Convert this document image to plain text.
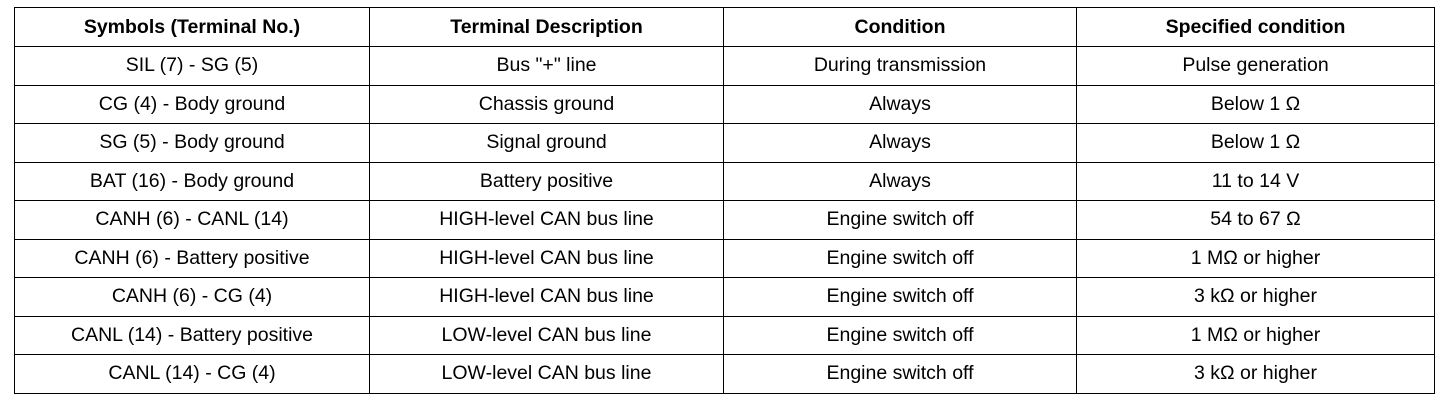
Symbols (Terminal No.)	Terminal Description	Condition	Specified condition
SIL (7) - SG (5)	Bus "+" line	During transmission	Pulse generation
CG (4) - Body ground	Chassis ground	Always	Below 1 Ω
SG (5) - Body ground	Signal ground	Always	Below 1 Ω
BAT (16) - Body ground	Battery positive	Always	11 to 14 V
CANH (6) - CANL (14)	HIGH-level CAN bus line	Engine switch off	54 to 67 Ω
CANH (6) - Battery positive	HIGH-level CAN bus line	Engine switch off	1 MΩ or higher
CANH (6) - CG (4)	HIGH-level CAN bus line	Engine switch off	3 kΩ or higher
CANL (14) - Battery positive	LOW-level CAN bus line	Engine switch off	1 MΩ or higher
CANL (14) - CG (4)	LOW-level CAN bus line	Engine switch off	3 kΩ or higher
